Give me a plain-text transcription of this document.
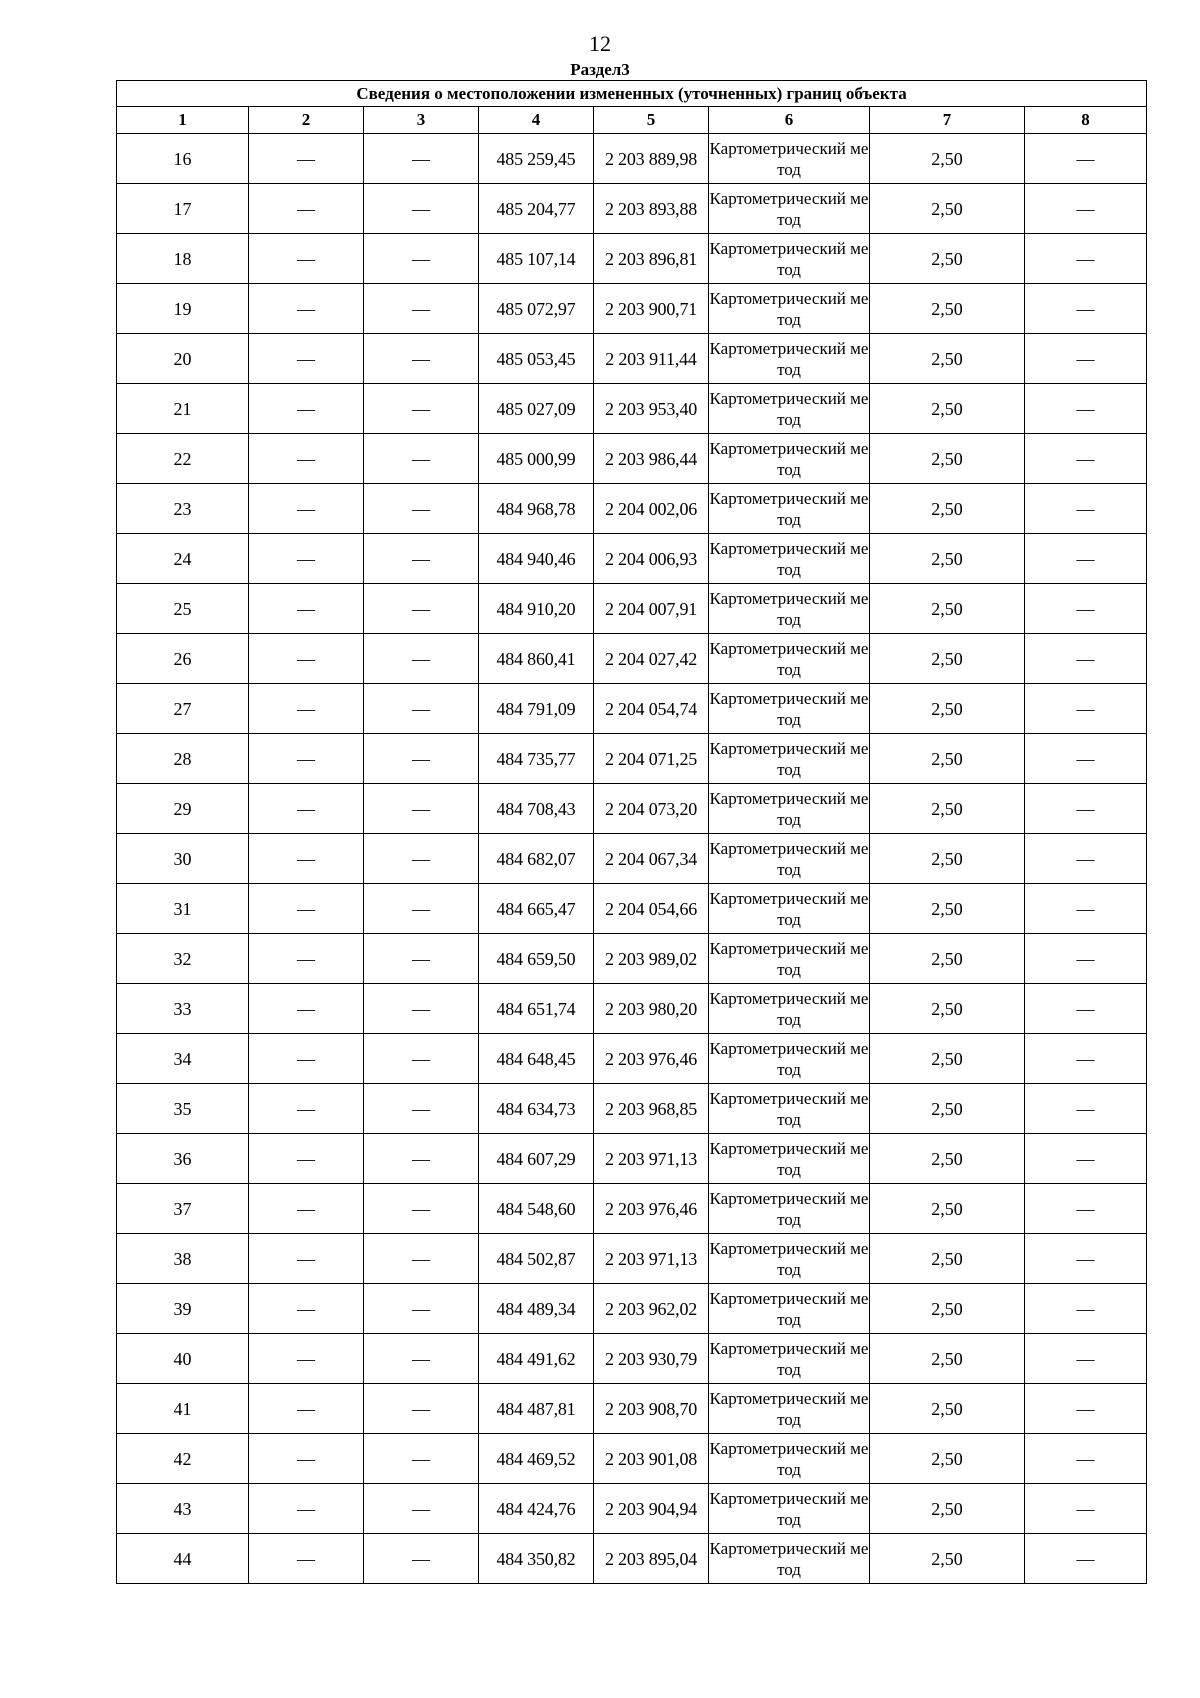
12
Раздел3
Сведения о местоположении измененных (уточненных) границ объекта							
1	2	3	4	5	6	7	8
16	—	—	485 259,45	2 203 889,98	Картометрический метод	2,50	—
17	—	—	485 204,77	2 203 893,88	Картометрический метод	2,50	—
18	—	—	485 107,14	2 203 896,81	Картометрический метод	2,50	—
19	—	—	485 072,97	2 203 900,71	Картометрический метод	2,50	—
20	—	—	485 053,45	2 203 911,44	Картометрический метод	2,50	—
21	—	—	485 027,09	2 203 953,40	Картометрический метод	2,50	—
22	—	—	485 000,99	2 203 986,44	Картометрический метод	2,50	—
23	—	—	484 968,78	2 204 002,06	Картометрический метод	2,50	—
24	—	—	484 940,46	2 204 006,93	Картометрический метод	2,50	—
25	—	—	484 910,20	2 204 007,91	Картометрический метод	2,50	—
26	—	—	484 860,41	2 204 027,42	Картометрический метод	2,50	—
27	—	—	484 791,09	2 204 054,74	Картометрический метод	2,50	—
28	—	—	484 735,77	2 204 071,25	Картометрический метод	2,50	—
29	—	—	484 708,43	2 204 073,20	Картометрический метод	2,50	—
30	—	—	484 682,07	2 204 067,34	Картометрический метод	2,50	—
31	—	—	484 665,47	2 204 054,66	Картометрический метод	2,50	—
32	—	—	484 659,50	2 203 989,02	Картометрический метод	2,50	—
33	—	—	484 651,74	2 203 980,20	Картометрический метод	2,50	—
34	—	—	484 648,45	2 203 976,46	Картометрический метод	2,50	—
35	—	—	484 634,73	2 203 968,85	Картометрический метод	2,50	—
36	—	—	484 607,29	2 203 971,13	Картометрический метод	2,50	—
37	—	—	484 548,60	2 203 976,46	Картометрический метод	2,50	—
38	—	—	484 502,87	2 203 971,13	Картометрический метод	2,50	—
39	—	—	484 489,34	2 203 962,02	Картометрический метод	2,50	—
40	—	—	484 491,62	2 203 930,79	Картометрический метод	2,50	—
41	—	—	484 487,81	2 203 908,70	Картометрический метод	2,50	—
42	—	—	484 469,52	2 203 901,08	Картометрический метод	2,50	—
43	—	—	484 424,76	2 203 904,94	Картометрический метод	2,50	—
44	—	—	484 350,82	2 203 895,04	Картометрический метод	2,50	—
